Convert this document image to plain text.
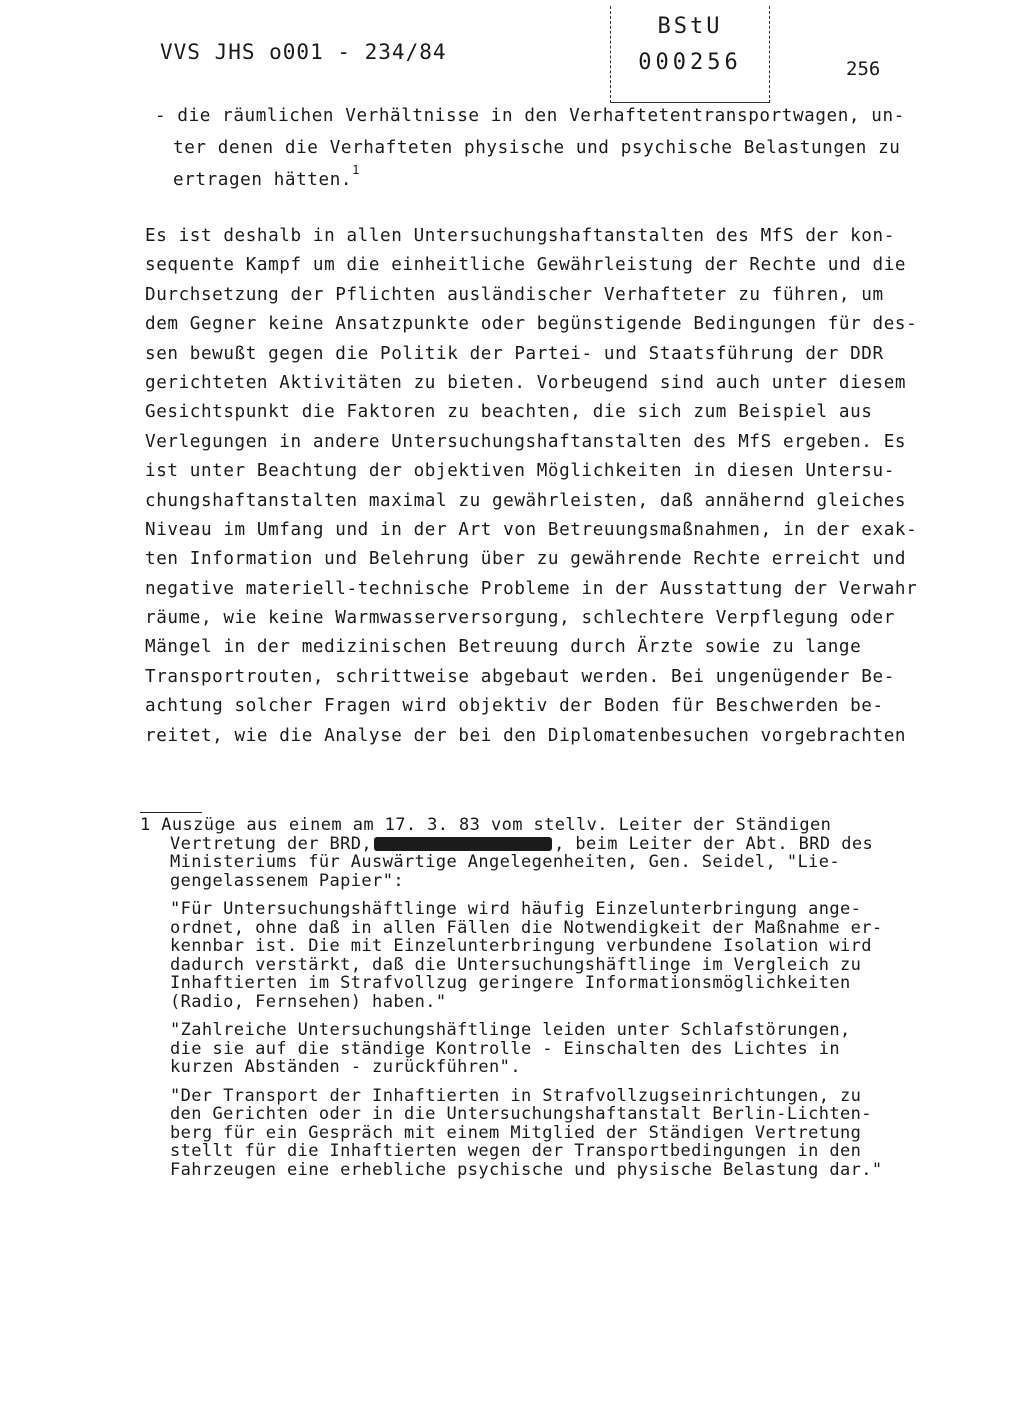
VVS JHS o001 - 234/84
BStU
000256	256
- die räumlichen Verhältnisse in den Verhaftetentransportwagen, un-
ter denen die Verhafteten physische und psychische Belastungen zu
ertragen hätten.$^1$
Es ist deshalb in allen Untersuchungshaftanstalten des MfS der kon-
sequente Kampf um die einheitliche Gewährleistung der Rechte und die
Durchsetzung der Pflichten ausländischer Verhafteter zu führen, um
dem Gegner keine Ansatzpunkte oder begünstigende Bedingungen für des-
sen bewußt gegen die Politik der Partei- und Staatsführung der DDR
gerichteten Aktivitäten zu bieten. Vorbeugend sind auch unter diesem
Gesichtspunkt die Faktoren zu beachten, die sich zum Beispiel aus
Verlegungen in andere Untersuchungshaftanstalten des MfS ergeben. Es
ist unter Beachtung der objektiven Möglichkeiten in diesen Untersu-
chungshaftanstalten maximal zu gewährleisten, daß annähernd gleiches
Niveau im Umfang und in der Art von Betreuungsmaßnahmen, in der exak-
ten Information und Belehrung über zu gewährende Rechte erreicht und
negative materiell-technische Probleme in der Ausstattung der Verwahr
räume, wie keine Warmwasserversorgung, schlechtere Verpflegung oder
Mängel in der medizinischen Betreuung durch Ärzte sowie zu lange
Transportrouten, schrittweise abgebaut werden. Bei ungenügender Be-
achtung solcher Fragen wird objektiv der Boden für Beschwerden be-
reitet, wie die Analyse der bei den Diplomatenbesuchen vorgebrachten
1 Auszüge aus einem am 17. 3. 83 vom stellv. Leiter der Ständigen
Vertretung der BRD,	, beim Leiter der Abt. BRD des
Ministeriums für Auswärtige Angelegenheiten, Gen. Seidel, "Lie-
gengelassenem Papier":
"Für Untersuchungshäftlinge wird häufig Einzelunterbringung ange-
ordnet, ohne daß in allen Fällen die Notwendigkeit der Maßnahme er-
kennbar ist. Die mit Einzelunterbringung verbundene Isolation wird
dadurch verstärkt, daß die Untersuchungshäftlinge im Vergleich zu
Inhaftierten im Strafvollzug geringere Informationsmöglichkeiten
(Radio, Fernsehen) haben."
"Zahlreiche Untersuchungshäftlinge leiden unter Schlafstörungen,
die sie auf die ständige Kontrolle - Einschalten des Lichtes in
kurzen Abständen - zurückführen".
"Der Transport der Inhaftierten in Strafvollzugseinrichtungen, zu
den Gerichten oder in die Untersuchungshaftanstalt Berlin-Lichten-
berg für ein Gespräch mit einem Mitglied der Ständigen Vertretung
stellt für die Inhaftierten wegen der Transportbedingungen in den
Fahrzeugen eine erhebliche psychische und physische Belastung dar."
